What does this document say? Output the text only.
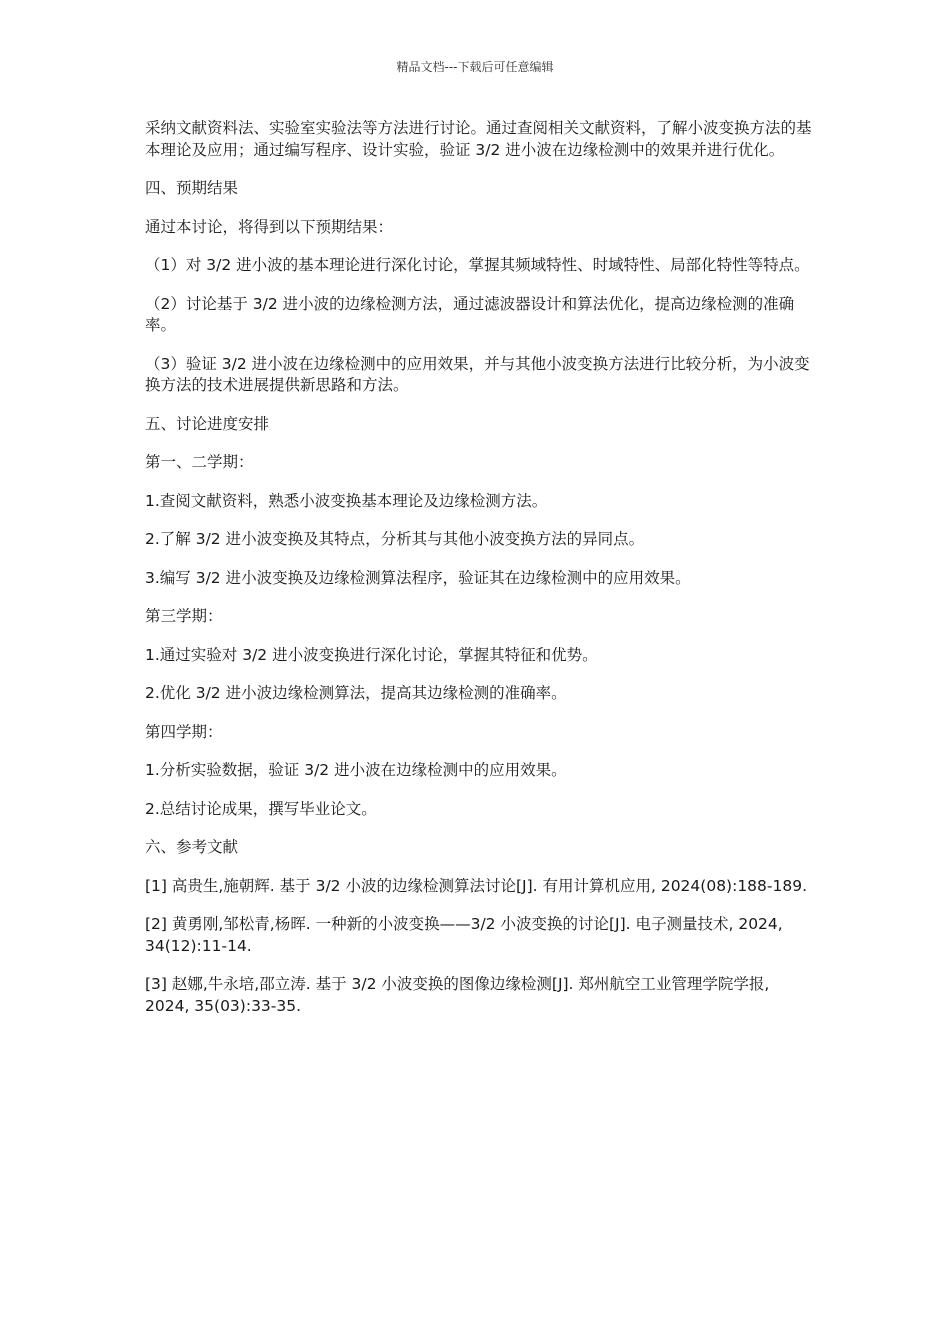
精品文档---下载后可任意编辑

采纳文献资料法、实验室实验法等方法进行讨论。通过查阅相关文献资料，了解小波变换方法的基本理论及应用；通过编写程序、设计实验，验证 3/2 进小波在边缘检测中的效果并进行优化。

四、预期结果

通过本讨论，将得到以下预期结果：

（1）对 3/2 进小波的基本理论进行深化讨论，掌握其频域特性、时域特性、局部化特性等特点。

（2）讨论基于 3/2 进小波的边缘检测方法，通过滤波器设计和算法优化，提高边缘检测的准确率。

（3）验证 3/2 进小波在边缘检测中的应用效果，并与其他小波变换方法进行比较分析，为小波变换方法的技术进展提供新思路和方法。

五、讨论进度安排

第一、二学期：

1.查阅文献资料，熟悉小波变换基本理论及边缘检测方法。

2.了解 3/2 进小波变换及其特点，分析其与其他小波变换方法的异同点。

3.编写 3/2 进小波变换及边缘检测算法程序，验证其在边缘检测中的应用效果。

第三学期：

1.通过实验对 3/2 进小波变换进行深化讨论，掌握其特征和优势。

2.优化 3/2 进小波边缘检测算法，提高其边缘检测的准确率。

第四学期：

1.分析实验数据，验证 3/2 进小波在边缘检测中的应用效果。

2.总结讨论成果，撰写毕业论文。

六、参考文献

[1] 高贵生,施朝辉. 基于 3/2 小波的边缘检测算法讨论[J]. 有用计算机应用, 2024(08):188-189.

[2] 黄勇刚,邹松青,杨晖. 一种新的小波变换——3/2 小波变换的讨论[J]. 电子测量技术, 2024, 34(12):11-14.

[3] 赵娜,牛永培,邵立涛. 基于 3/2 小波变换的图像边缘检测[J]. 郑州航空工业管理学院学报, 2024, 35(03):33-35.
